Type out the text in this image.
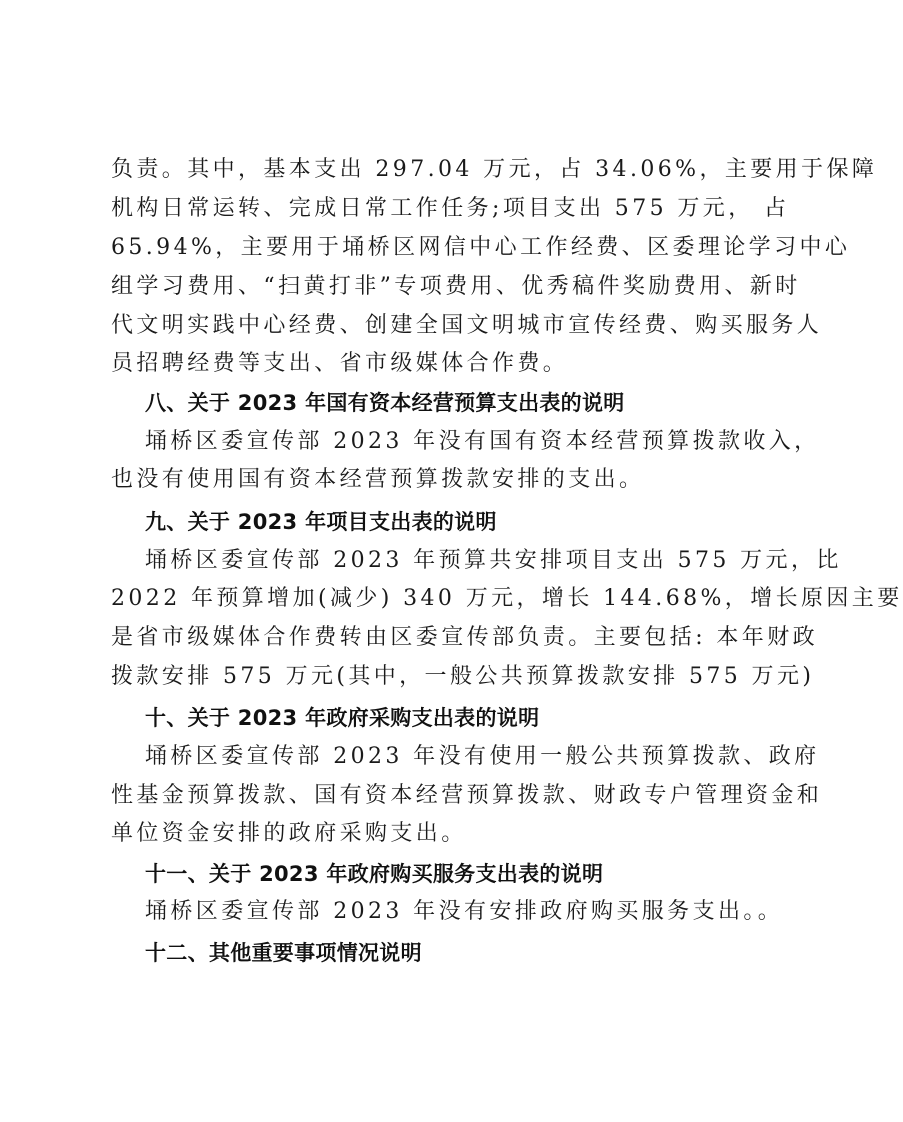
负责。其中，基本支出 297.04 万元，占 34.06%，主要用于保障
机构日常运转、完成日常工作任务;项目支出 575 万元， 占
65.94%，主要用于埇桥区网信中心工作经费、区委理论学习中心
组学习费用、“扫黄打非”专项费用、优秀稿件奖励费用、新时
代文明实践中心经费、创建全国文明城市宣传经费、购买服务人
员招聘经费等支出、省市级媒体合作费。
八、关于 2023 年国有资本经营预算支出表的说明
埇桥区委宣传部 2023 年没有国有资本经营预算拨款收入，
也没有使用国有资本经营预算拨款安排的支出。
九、关于 2023 年项目支出表的说明
埇桥区委宣传部 2023 年预算共安排项目支出 575 万元，比
2022 年预算增加(减少) 340 万元，增长 144.68%，增长原因主要
是省市级媒体合作费转由区委宣传部负责。主要包括: 本年财政
拨款安排 575 万元(其中，一般公共预算拨款安排 575 万元)
十、关于 2023 年政府采购支出表的说明
埇桥区委宣传部 2023 年没有使用一般公共预算拨款、政府
性基金预算拨款、国有资本经营预算拨款、财政专户管理资金和
单位资金安排的政府采购支出。
十一、关于 2023 年政府购买服务支出表的说明
埇桥区委宣传部 2023 年没有安排政府购买服务支出。。
十二、其他重要事项情况说明
